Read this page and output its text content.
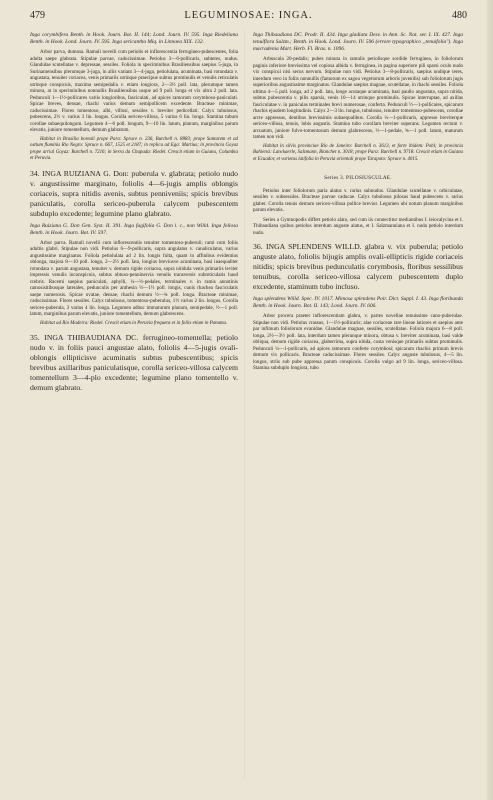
479	LEGUMINOSAE: INGA.	480

Inga corymbifera Benth. in Hook. Journ. Bot. II. 144; Lond. Journ. IV. 595. Inga Riedeliana Benth. in Hook. Lond. Journ. IV. 595. Inga sericantha Miq. in Linnaea XIX. 132.

Arbor parva, dumosa. Ramuli novelli cum petiolis et inflorescentia ferrugineo-pubescentes, folia adulta saepe glabrata. Stipulae parvae, caducissimae. Petiolus 3—6-pollicaris, subteres, nudus. Glandulae scutellatae v. depressae, sessiles. Foliola in speciminibus Brasiliensibus saepius 5-juga, in Surinamensibus plerumque 3-juga, in aliis variant 3—4-juga, petiolulata, acuminata, basi rotundata v. angustata, tenuiter coriacea, venis primariis utrinque praecipue subtus prominulis et venulis reticulatis utrinque conspicuis, maxima semipedalia v. etiam longiora, 2—3½ poll. lata, plerumque tamen minora, at in speciminibus nonnullis Brasiliensibus usque ad 9 poll. longa et vix ultra 2 poll. lata. Pedunculi 1—1½-pollicares variis longioribus, fasciculati, ad apices ramorum corymboso-paniculati. Spicae breves, densae, rhachi varius demum semipollicem excedente. Bracteae minimae, caducissimae. Flores tomentoso, albi, villosi, sessiles v. breviter pedicellati. Calyx tubulosus, pubescens, 2½ v. varius 3 lin. longus. Corolla sericeo-villosa, 5 varius 6 lin. longa. Stamina tubum corollae subaequilongum. Legumen 4—6 poll. longum, 9—10 lin. latum, planum, marginibus parum elevatis, juniore tomentellum, demum glabratum.

Habitat in Brasilia boreali prope Para: Spruce n. 236, Burchell n. 8883; prope Santarem et ad ostium fluminis Rio Negro: Spruce n. 667, 1525 et 2187; in replica ad Ega: Martius; in provincia Goyaz prope arrial Goyaz: Burchell n. 7216; in Serra da Chapada: Riedel. Crescit etiam in Guiana, Columbia et Peruvia.

34. INGA RUIZIANA G. Don: puberula v. glabrata; petiolo nudo v. angustissime marginato, foliolis 4—6-jugis amplis oblongis coriaceis, supra nitidis avenis, subtus penniveniis; spicis brevibus paniculatis, corolla sericeo-puberula calycem pubescentem subduplo excedente; legumine plano glabrato.

Inga Ruiziana G. Don Gen. Syst. II. 391. Inga fagifolia G. Don l. c., non Willd. Inga foliosa Benth. in Hook. Journ. Bot. IV. 597.

Arbor parva. Ramuli novelli cum inflorescentiis tenuiter tomentoso-puberuli; rami cum foliis adultis glabri. Stipulae non vidi. Petiolus 6—9-pollicaris, supra angulatus v. canaliculatus, varius angustissime marginatus. Foliola petiolulata ad 2 lin. longis fulta, quam in affinibus evidentius oblonga, majora 8—10 poll. longa, 2—2½ poll. lata, longius breviusve acuminata, basi inaequaliter rotundata v. parum angustata, tenuiter v. demum rigide coriacea, supra nitidula venis primariis leviter impressis venulis inconspicuis, subtus obtuso-penninervia venulis transversis subreticulatis haud crebris. Racemi saepius paniculati, aphylli, ¼—½-pedales, terminales v. in ramis annotinis ramosisitibusque laterales, pedunculis per anthesin ½—1½ poll. longis, cunis rhachea fasciculatis saepe numerosis. Spicae ovatae, densae, rhachi demum ½—¾ poll. longa. Bracteae minimae, caducissimae. Flores sessiles. Calyx tubulosus, tomentoso-puberulus, 1½ varius 2 lin. longus. Corolla sericeo-puberula, 3 varius 4 lin. longa. Legumen adhuc immaturum planum, semipedale, ½—1 poll. latum, marginibus parum elevatis, juniore tomentellum, demum glabrescens.

Habitat ad Rio Madeira: Riedel. Crescit etiam in Peruvia frequens et in foliis etiam in Panama.

35. INGA THIBAUDIANA DC. ferrugineo-tomentella; petiolo nudo v. in foliis pauci angustae alato, foliolis 4—5-jugis ovali-oblongis ellipticisve acuminatis subtus pubescentibus; spicis brevibus axillaribus paniculatisque, corolla sericeo-villosa calycem tomentellum 3—4-plo excedente; legumine plano tomentello v. demum glabrato.

Inga Thibaudiana DC. Prodr. II. 434. Inga gladiata Desv. in Ann. Sc. Nat. ser. I. IX. 427. Inga tenuiflora Sulzm.; Benth. in Hook. Lond. Journ. IV. 596 (errore typographico „tenuifolia"). Inga macradenia Mart. Herb. Fl. Bras. n. 1096.

Arbuscula 20-pedalis; pubes minuta in ramulis petiolisque sordide ferruginea, in foliolorum paginis inferiore brevissima vel copiosa albida v. ferruginea, in pagina superiore pili sparsi oculo nudo vix conspicui nisi secus nervum. Stipulae non vidi. Petiolus 3—8-pollicaris, saepius undique teres, interdum vero in foliis nonnullis (famorum ex sagou vegetiorum arboris juvenilis) sub foliolorum jugis superioribus angustissime marginatus. Glandulae saepius magnae, scutellatae, in rhachi sessiles. Foliola ultima 4—5 poll. longa, ad 2 poll. lata, longe acutaque acuminata, basi paullo angustata, supra nitida, subtus pubescentia v. pilis sparsis, venis 10—14 utrinque prominulis. Spicae interruptae, ad axillas fasciculatae v. in paniculas terminales brevi numerosae, conferta. Pedunculi ½—1-pollicares, spicarum rhachis ejusdem longitudinis. Calyx 2—3 lin. longus, tubulosus, tenuiter tomentoso-pubescens, corollae arcte appressus, dentibus brevissimis subaequalibus. Corolla ¼—1-pollicaris, appresse breviterque sericeo-villosa, tenuis, lobis angustis. Stamina tubo corollam breviter superans. Legumen rectum v. arcuatum, juniore fulvo-tomentosum demum glabrescens, ½—1-pedale, ¾—1 poll. latum, maturum tamen non vidi.

Habitat in silvis provinciae Rio de Janeiro: Burchell n. 3613, et forte ibidem: Pohl; in provincia Bahiensi: Lanckaerle, Salzmann, Blanchet n. 3018; prope Para: Burchell n. 9718. Crescit etiam in Guiana et Ecuador, et varietas latifolia in Peruvia orientali prope Tarapoto: Spruce n. 4015.

Series 3. PILOSIUSCULAE.

Petiolus inter foliolorum paria alatus v. rarius subnudus. Glandulae scutellatae v. orbiculatae, sessiles v. subsessiles. Bracteae parvae caducae. Calyx tubulosus pilosus haud pubescens v. rarius glaber. Corolla tenuis demum sericeo-villosa pollice brevior. Legumen ubi notum planum marginibus parum elevatis.

Series a Gymnopodis differt petiolo alato, sed cum iis connectitur mediantibus I. leiocalycina et I. Thibaudiana quibus petiolus interdum anguste alatus, et I. Salzmanniana et I. nuda petiolo interdum nudo.

36. INGA SPLENDENS WILLD. glabra v. vix puberula; petiolo anguste alato, foliolis bijugis amplis ovali-ellipticis rigide coriaceis nitidis; spicis brevibus pedunculatis corymbosis, floribus sessilibus tenuibus, corolla sericeo-villosa calycem pubescentem duplo excedente, staminum tubo incluso.

Inga splendens Willd. Spec. IV. 1017. Mimosa splendens Poir. Dict. Suppl. I. 43. Inga floribunda Benth. in Hook. Journ. Bot. II. 143; Lond. Journ. IV. 606.

Arbor procera praeter inflorescentiam glabra, v. partes novellae tenuissime cano-puberulae. Stipulae non vidi. Petiolus crassus, 1—1½-pollicaris; alae coriaceae rare lineae latiores et saepius ante par infimum foliolorum evanidae. Glandulae magnae, sessiles, scutellatae. Foliola majora 6—8 poll. longa, 2½—3½ poll. lata, interdum tamen plerunque minora, obtusa v. breviter acuminata, basi valde obliqua, demum rigide coriacea, glaberrima, supra nitida, costa venisque primariis subtus prominulis. Pedunculi ¼—1-pollicaris, ad apices ramorum conferte corymbosi; spicarum rhachis primum brevis demum vix pollicaris. Bracteae caducissimae. Flores sessiles. Calyx anguste tubulosus, 4—5 lin. longus, striis sub pube appressa parum conspicuis. Corolla vulgo ad 9 lin. longa, sericeo-villosa. Stamina subduplo longiora, tubo
